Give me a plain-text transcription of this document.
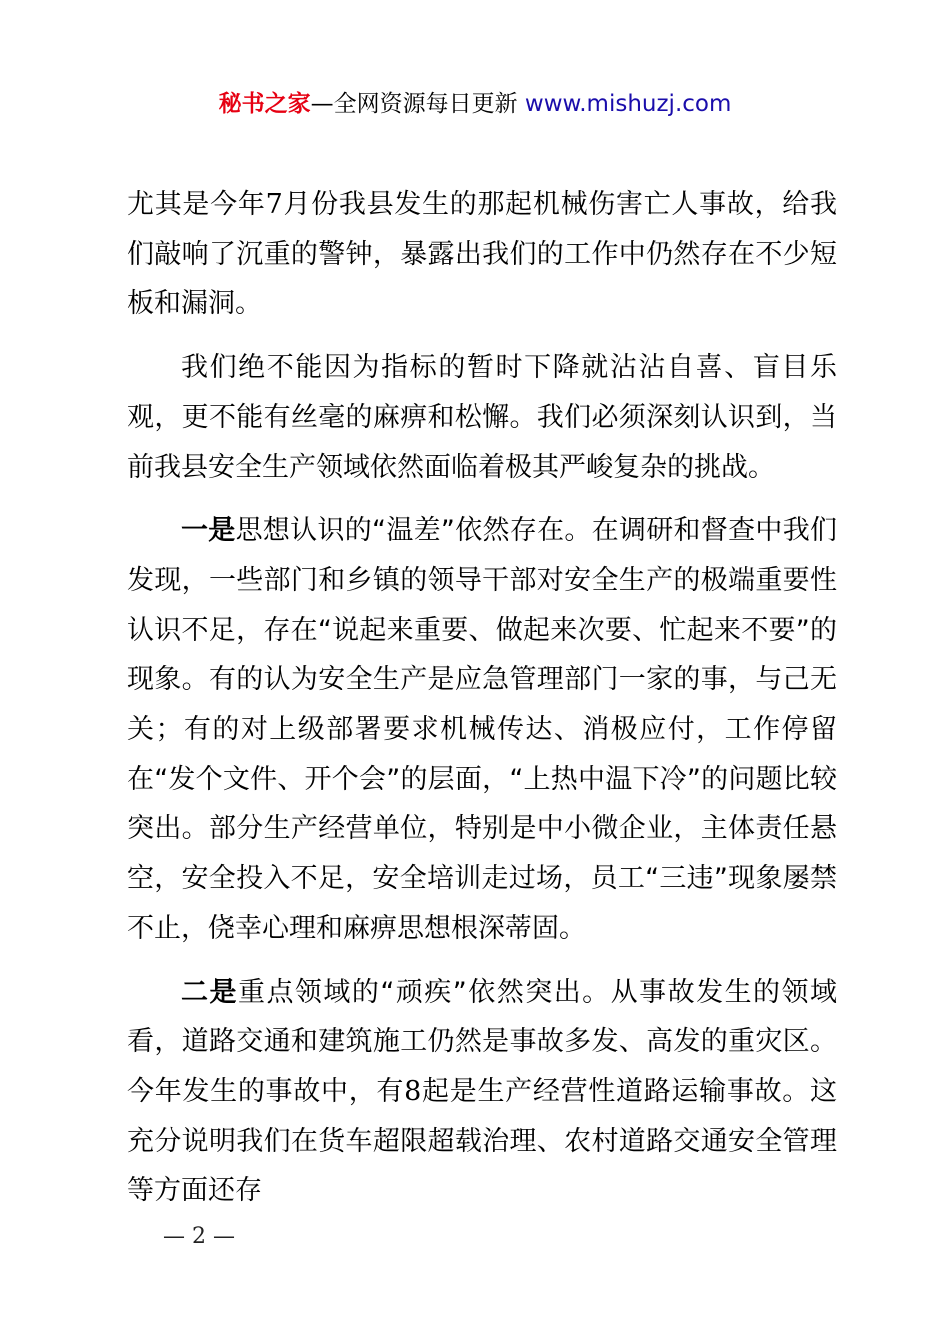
秘书之家—全网资源每日更新 www.mishuzj.com

尤其是今年7月份我县发生的那起机械伤害亡人事故，给我们敲响了沉重的警钟，暴露出我们的工作中仍然存在不少短板和漏洞。

我们绝不能因为指标的暂时下降就沾沾自喜、盲目乐观，更不能有丝毫的麻痹和松懈。我们必须深刻认识到，当前我县安全生产领域依然面临着极其严峻复杂的挑战。

一是思想认识的“温差”依然存在。在调研和督查中我们发现，一些部门和乡镇的领导干部对安全生产的极端重要性认识不足，存在“说起来重要、做起来次要、忙起来不要”的现象。有的认为安全生产是应急管理部门一家的事，与己无关；有的对上级部署要求机械传达、消极应付，工作停留在“发个文件、开个会”的层面，“上热中温下冷”的问题比较突出。部分生产经营单位，特别是中小微企业，主体责任悬空，安全投入不足，安全培训走过场，员工“三违”现象屡禁不止，侥幸心理和麻痹思想根深蒂固。

二是重点领域的“顽疾”依然突出。从事故发生的领域看，道路交通和建筑施工仍然是事故多发、高发的重灾区。今年发生的事故中，有8起是生产经营性道路运输事故。这充分说明我们在货车超限超载治理、农村道路交通安全管理等方面还存

— 2 —
